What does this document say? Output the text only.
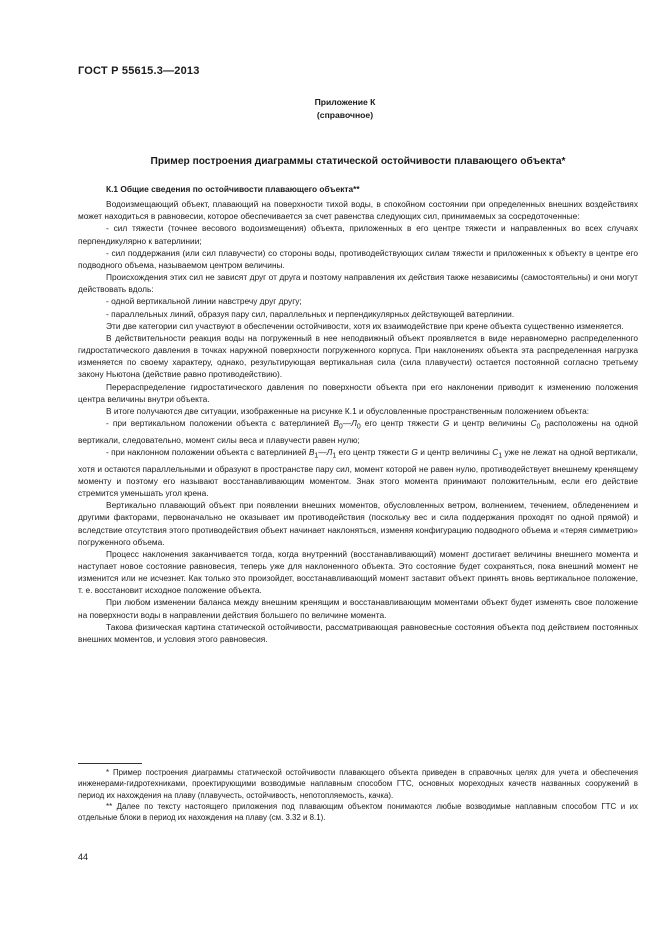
ГОСТ Р 55615.3—2013
Приложение К
(справочное)
Пример построения диаграммы статической остойчивости плавающего объекта*

К.1 Общие сведения по остойчивости плавающего объекта**

Водоизмещающий объект, плавающий на поверхности тихой воды, в спокойном состоянии при определенных внешних воздействиях может находиться в равновесии, которое обеспечивается за счет равенства следующих сил, принимаемых за сосредоточенные:

- сил тяжести (точнее весового водоизмещения) объекта, приложенных в его центре тяжести и направленных во всех случаях перпендикулярно к ватерлинии;

- сил поддержания (или сил плавучести) со стороны воды, противодействующих силам тяжести и приложенных к объекту в центре его подводного объема, называемом центром величины.

Происхождения этих сил не зависят друг от друга и поэтому направления их действия также независимы (самостоятельны) и они могут действовать вдоль:

- одной вертикальной линии навстречу друг другу;

- параллельных линий, образуя пару сил, параллельных и перпендикулярных действующей ватерлинии.

Эти две категории сил участвуют в обеспечении остойчивости, хотя их взаимодействие при крене объекта существенно изменяется.

В действительности реакция воды на погруженный в нее неподвижный объект проявляется в виде неравномерно распределенного гидростатического давления в точках наружной поверхности погруженного корпуса. При наклонениях объекта эта распределенная нагрузка изменяется по своему характеру, однако, результирующая вертикальная сила (сила плавучести) остается постоянной согласно третьему закону Ньютона (действие равно противодействию).

Перераспределение гидростатического давления по поверхности объекта при его наклонении приводит к изменению положения центра величины внутри объекта.

В итоге получаются две ситуации, изображенные на рисунке К.1 и обусловленные пространственным положением объекта:

- при вертикальном положении объекта с ватерлинией $В_0—Л_0$ его центр тяжести G и центр величины $С_0$ расположены на одной вертикали, следовательно, момент силы веса и плавучести равен нулю;

- при наклонном положении объекта с ватерлинией $В_1—Л_1$ его центр тяжести G и центр величины $С_1$ уже не лежат на одной вертикали, хотя и остаются параллельными и образуют в пространстве пару сил, момент которой не равен нулю, противодействует внешнему кренящему моменту и поэтому его называют восстанавливающим моментом. Знак этого момента принимают положительным, если его действие стремится уменьшать угол крена.

Вертикально плавающий объект при появлении внешних моментов, обусловленных ветром, волнением, течением, обледенением и другими факторами, первоначально не оказывает им противодействия (поскольку вес и сила поддержания проходят по одной прямой) и вследствие отсутствия этого противодействия объект начинает наклоняться, изменяя конфигурацию подводного объема и «теряя симметрию» погруженного объема.

Процесс наклонения заканчивается тогда, когда внутренний (восстанавливающий) момент достигает величины внешнего момента и наступает новое состояние равновесия, теперь уже для наклоненного объекта. Это состояние будет сохраняться, пока внешний момент не изменится или не исчезнет. Как только это произойдет, восстанавливающий момент заставит объект принять вновь вертикальное положение, т. е. восстановит исходное положение объекта.

При любом изменении баланса между внешним кренящим и восстанавливающим моментами объект будет изменять свое положение на поверхности воды в направлении действия большего по величине момента.

Такова физическая картина статической остойчивости, рассматривающая равновесные состояния объекта под действием постоянных внешних моментов, и условия этого равновесия.

* Пример построения диаграммы статической остойчивости плавающего объекта приведен в справочных целях для учета и обеспечения инженерами-гидротехниками, проектирующими возводимые наплавным способом ГТС, основных мореходных качеств названных сооружений в период их нахождения на плаву (плавучесть, остойчивость, непотопляемость, качка).

** Далее по тексту настоящего приложения под плавающим объектом понимаются любые возводимые наплавным способом ГТС и их отдельные блоки в период их нахождения на плаву (см. 3.32 и 8.1).

44
